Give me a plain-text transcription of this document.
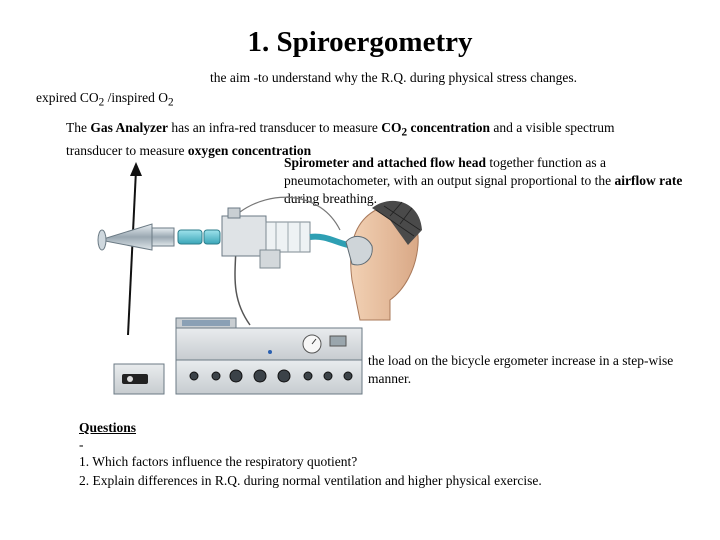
1. Spiroergometry
the aim -to understand why the R.Q. during physical stress changes.
expired $CO_2$ /inspired $O_2$
The Gas Analyzer has an infra-red transducer to measure $CO_2$ concentration and a visible spectrum transducer to measure oxygen concentration
Spirometer and attached flow head together function as a pneumotachometer, with an output signal proportional to the airflow rate during breathing.
the load on the bicycle ergometer increase in a step-wise manner.
Questions
-
1. Which factors influence the respiratory quotient?
2. Explain differences in R.Q. during normal ventilation and higher physical exercise.
